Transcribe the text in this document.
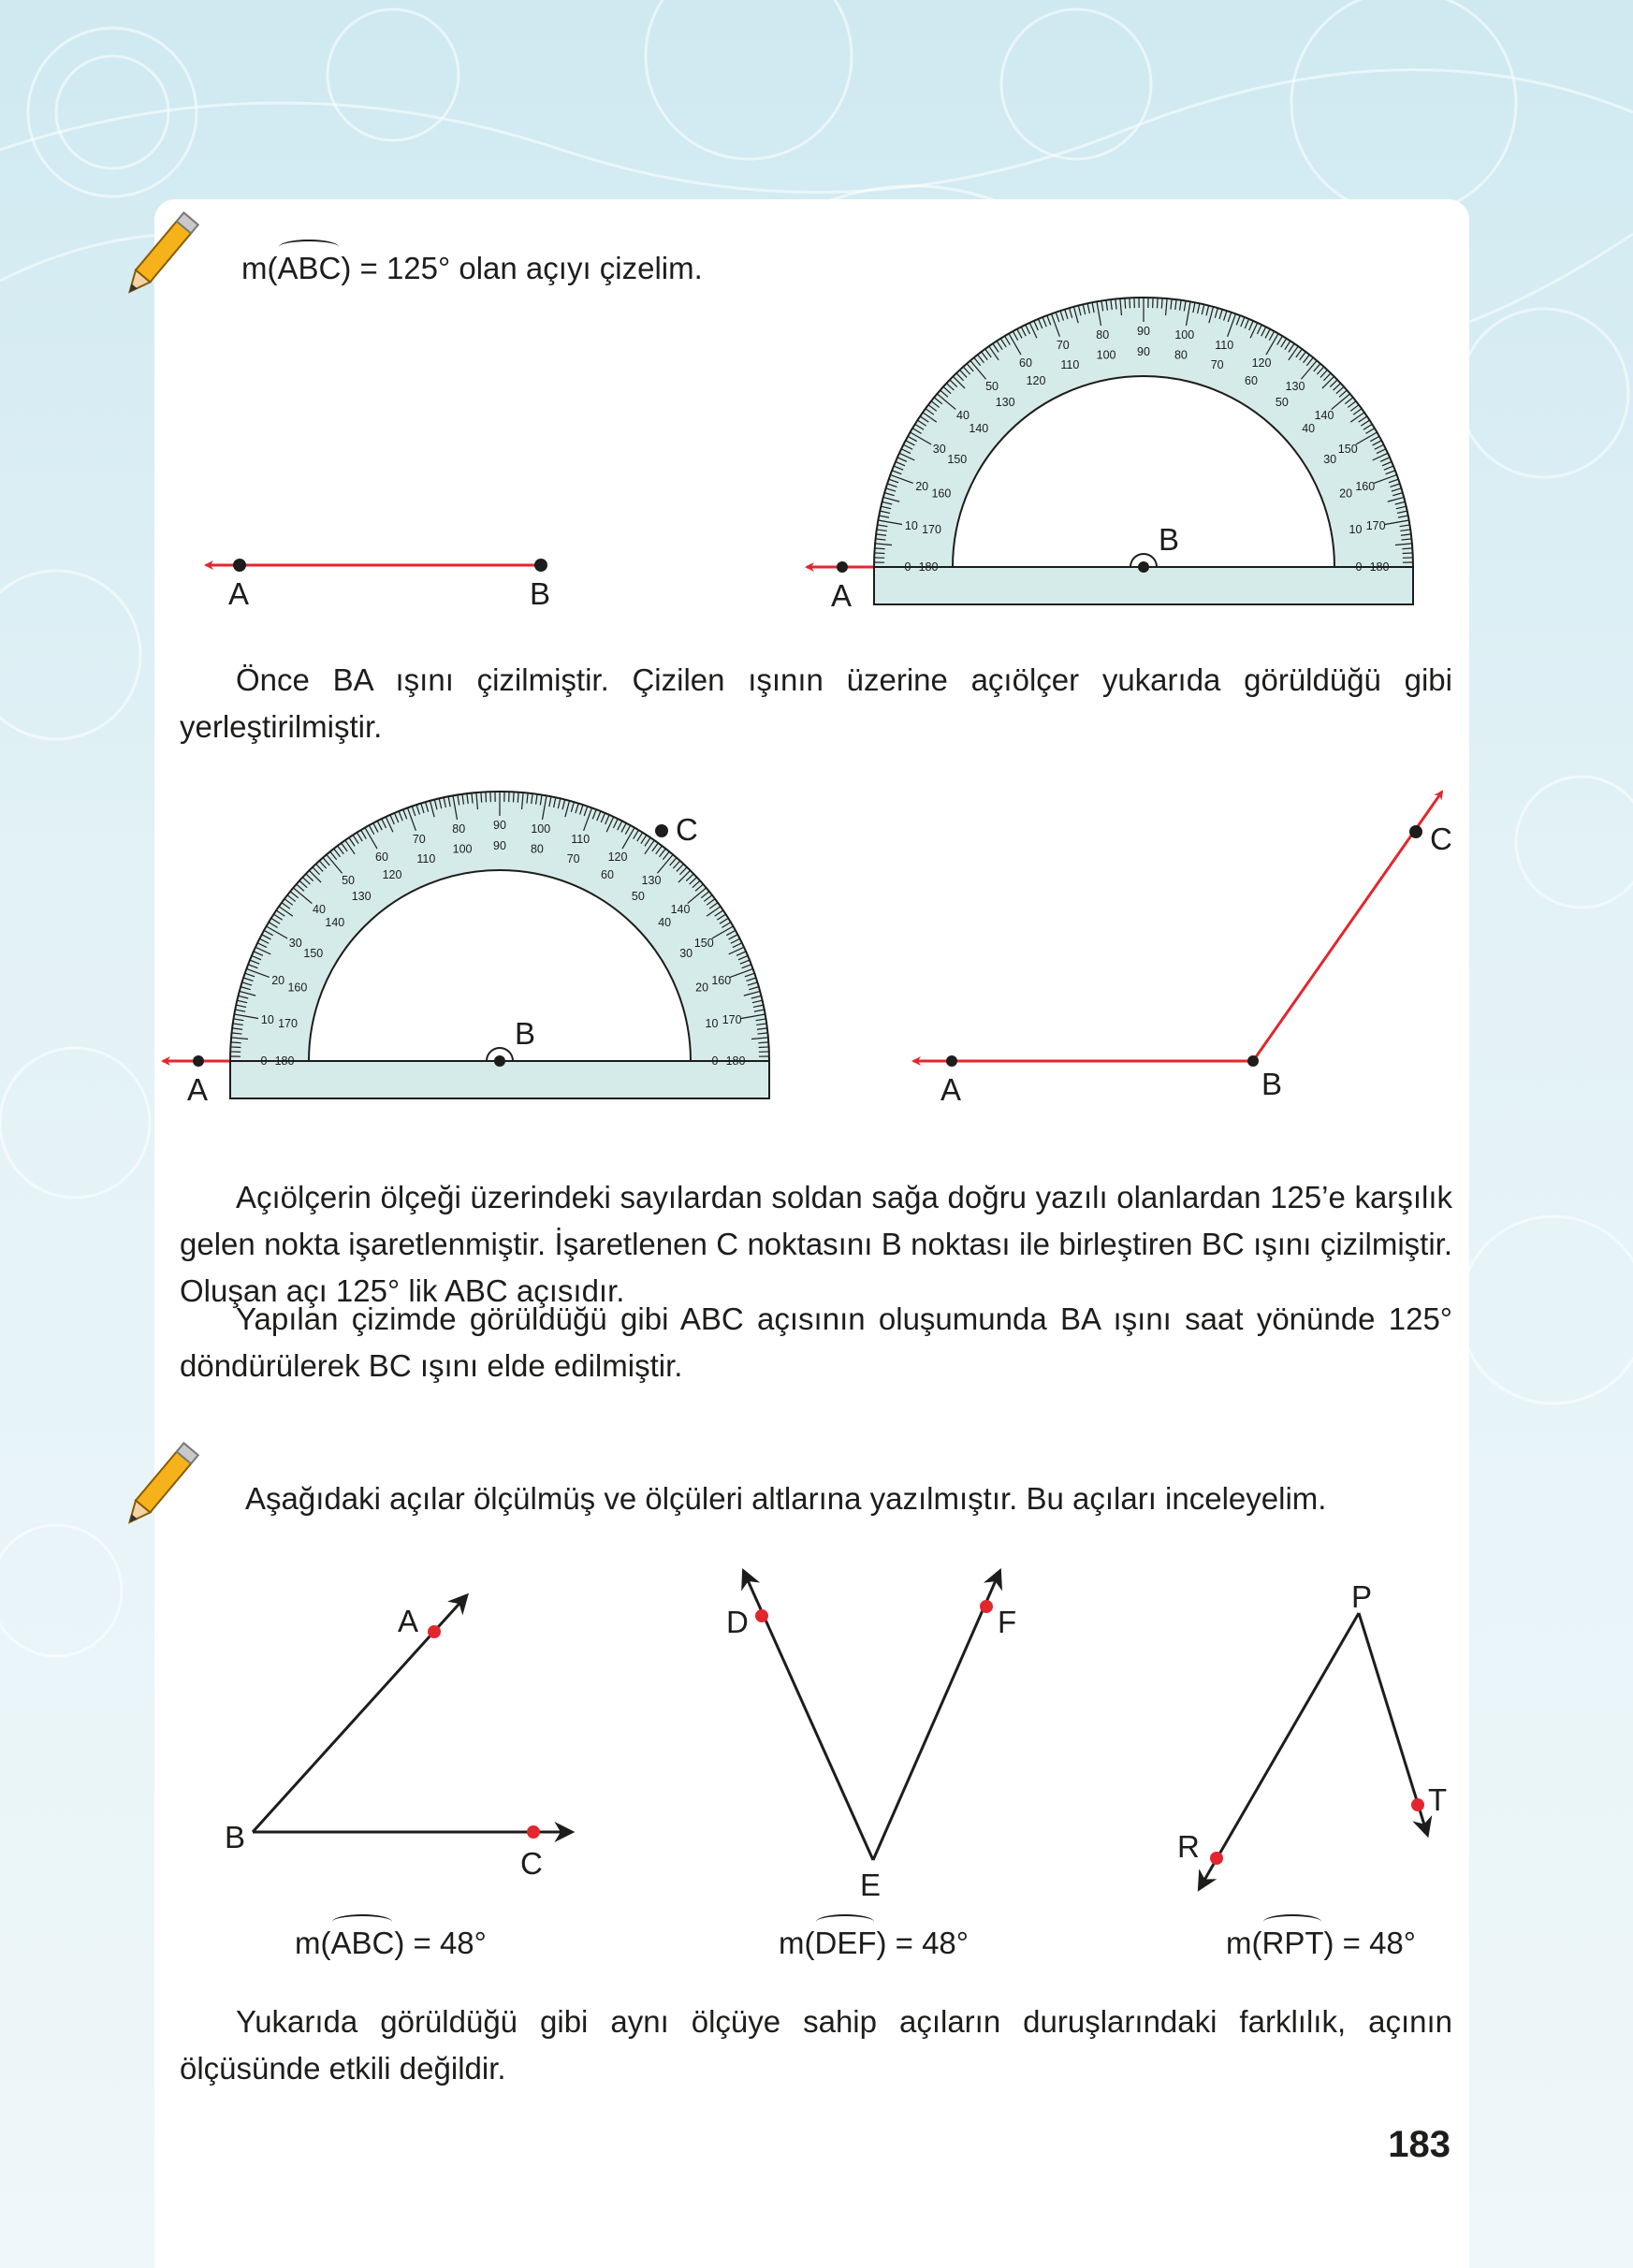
A	B
0 180
10 170
20
160
30
150
40
140
50
130
60
120
70
110
80
100
90
90
100
80
110
70 120
60 130
50
140
40
150
30
160
20
170
10
180
0
A
B
0 180
10 170
20
160
30
150
40
140
50
130
60
120
70
110
80
100
90
90
100
80
110
70 120
60 130
50
140
40
150
30
160
20
170
10
180
0
A
B
C
A	B
C
A
B
C
D
E
F
P
R
T
m(
ABC) = 125° olan açıyı çizelim.
Önce BA ışını çizilmiştir. Çizilen ışının üzerine açıölçer yukarıda görüldüğü gibi yerleştirilmiştir.
Açıölçerin ölçeği üzerindeki sayılardan soldan sağa doğru yazılı olanlardan 125’e karşılık gelen nokta işaretlenmiştir. İşaretlenen C noktasını B noktası ile birleştiren BC ışını çizilmiştir. Oluşan açı 125° lik ABC açısıdır.
Yapılan çizimde görüldüğü gibi ABC açısının oluşumunda BA ışını saat yönünde 125° döndürülerek BC ışını elde edilmiştir.
Aşağıdaki açılar ölçülmüş ve ölçüleri altlarına yazılmıştır. Bu açıları inceleyelim.
m(
ABC) = 48°	m(
DEF) = 48°	m(
RPT) = 48°
Yukarıda görüldüğü gibi aynı ölçüye sahip açıların duruşlarındaki farklılık, açının ölçüsünde etkili değildir.
183
